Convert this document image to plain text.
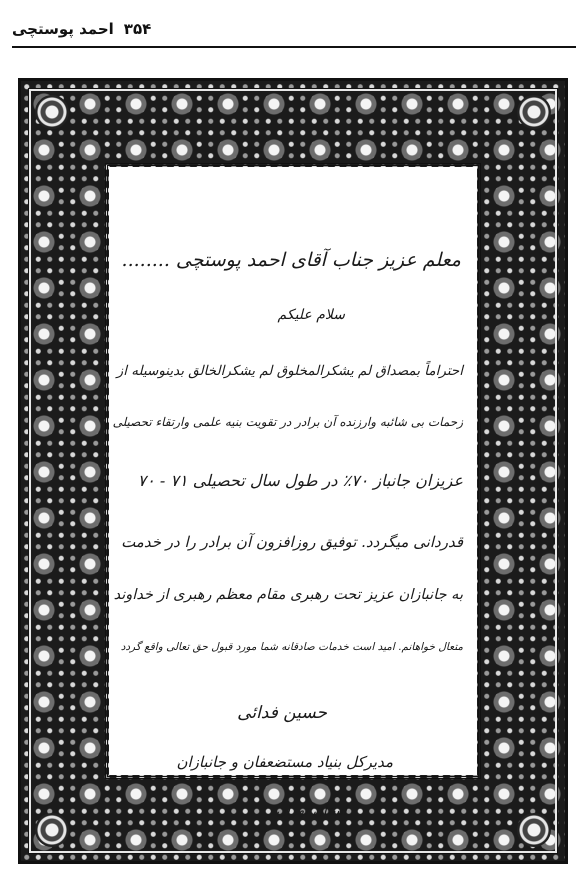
۳۵۴
احمد پوستچی
معلم عزیز جناب آقای احمد پوستچی ........
سلام علیکم
احتراماً بمصداق لم یشکرالمخلوق لم یشکرالخالق بدینوسیله از
زحمات بی شائبه وارزنده آن برادر در تقویت بنیه علمی وارتقاء تحصیلی
عزیزان جانباز ۷۰٪ در طول سال تحصیلی ۷۱ - ۷۰
قدردانی میگردد. توفیق روزافزون آن برادر را در خدمت
به جانبازان عزیز تحت رهبری مقام معظم رهبری از خداوند
متعال خواهانم. امید است خدمات صادقانه شما مورد قبول حق تعالی واقع گردد
حسین فدائی
مدیرکل بنیاد مستضعفان و جانبازان
استان تهران
